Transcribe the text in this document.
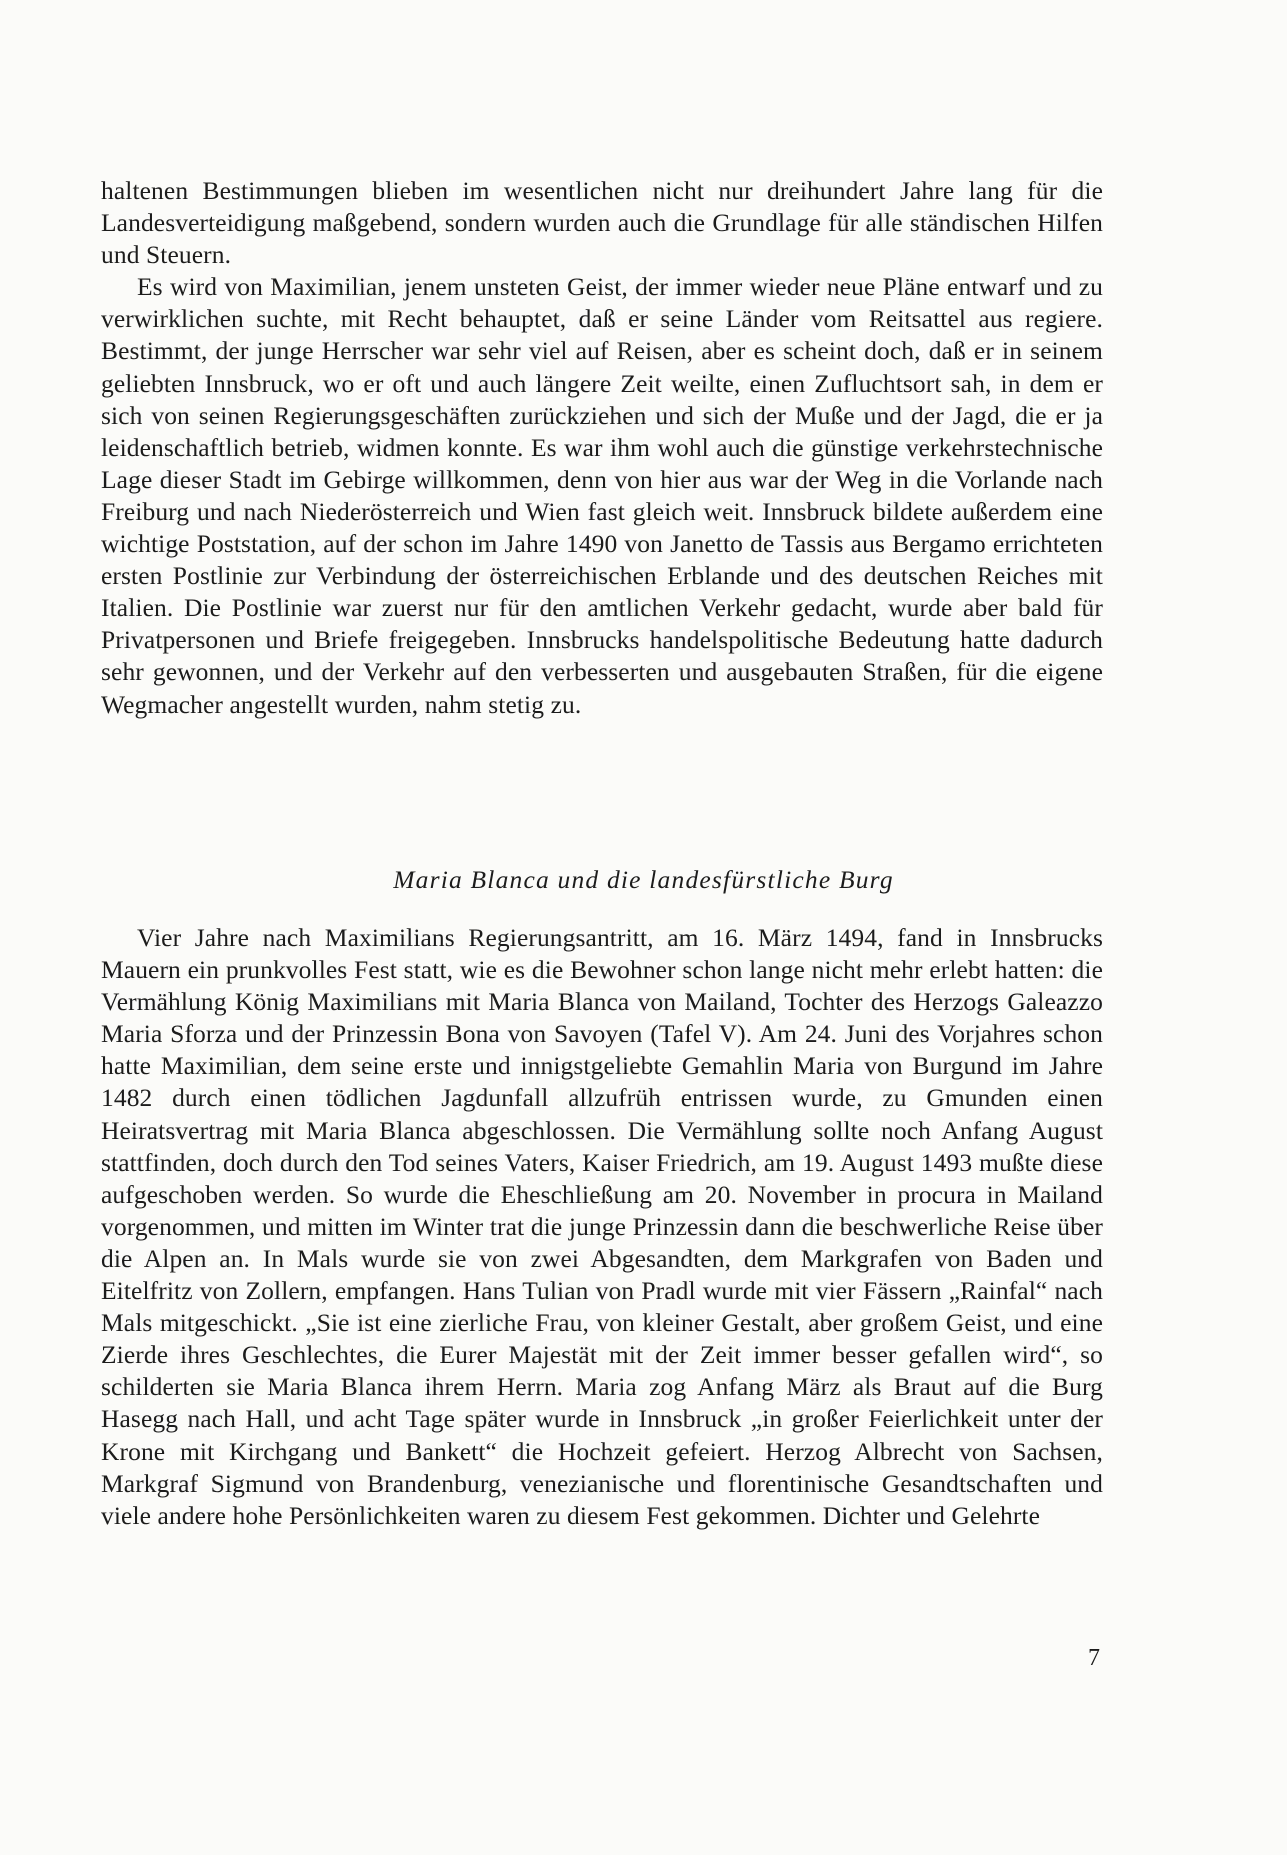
haltenen Bestimmungen blieben im wesentlichen nicht nur dreihundert Jahre lang für die Landesverteidigung maßgebend, sondern wurden auch die Grundlage für alle ständischen Hilfen und Steuern.

Es wird von Maximilian, jenem unsteten Geist, der immer wieder neue Pläne entwarf und zu verwirklichen suchte, mit Recht behauptet, daß er seine Länder vom Reitsattel aus regiere. Bestimmt, der junge Herrscher war sehr viel auf Reisen, aber es scheint doch, daß er in seinem geliebten Innsbruck, wo er oft und auch längere Zeit weilte, einen Zufluchtsort sah, in dem er sich von seinen Regierungsgeschäften zurückziehen und sich der Muße und der Jagd, die er ja leidenschaftlich betrieb, widmen konnte. Es war ihm wohl auch die günstige verkehrstechnische Lage dieser Stadt im Gebirge willkommen, denn von hier aus war der Weg in die Vorlande nach Freiburg und nach Niederösterreich und Wien fast gleich weit. Innsbruck bildete außerdem eine wichtige Poststation, auf der schon im Jahre 1490 von Janetto de Tassis aus Bergamo errichteten ersten Postlinie zur Verbindung der österreichischen Erblande und des deutschen Reiches mit Italien. Die Postlinie war zuerst nur für den amtlichen Verkehr gedacht, wurde aber bald für Privatpersonen und Briefe freigegeben. Innsbrucks handelspolitische Bedeutung hatte dadurch sehr gewonnen, und der Verkehr auf den verbesserten und ausgebauten Straßen, für die eigene Wegmacher angestellt wurden, nahm stetig zu.

Maria Blanca und die landesfürstliche Burg

Vier Jahre nach Maximilians Regierungsantritt, am 16. März 1494, fand in Innsbrucks Mauern ein prunkvolles Fest statt, wie es die Bewohner schon lange nicht mehr erlebt hatten: die Vermählung König Maximilians mit Maria Blanca von Mailand, Tochter des Herzogs Galeazzo Maria Sforza und der Prinzessin Bona von Savoyen (Tafel V). Am 24. Juni des Vorjahres schon hatte Maximilian, dem seine erste und innigstgeliebte Gemahlin Maria von Burgund im Jahre 1482 durch einen tödlichen Jagdunfall allzufrüh entrissen wurde, zu Gmunden einen Heiratsvertrag mit Maria Blanca abgeschlossen. Die Vermählung sollte noch Anfang August stattfinden, doch durch den Tod seines Vaters, Kaiser Friedrich, am 19. August 1493 mußte diese aufgeschoben werden. So wurde die Eheschließung am 20. November in procura in Mailand vorgenommen, und mitten im Winter trat die junge Prinzessin dann die beschwerliche Reise über die Alpen an. In Mals wurde sie von zwei Abgesandten, dem Markgrafen von Baden und Eitelfritz von Zollern, empfangen. Hans Tulian von Pradl wurde mit vier Fässern „Rainfal“ nach Mals mitgeschickt. „Sie ist eine zierliche Frau, von kleiner Gestalt, aber großem Geist, und eine Zierde ihres Geschlechtes, die Eurer Majestät mit der Zeit immer besser gefallen wird“, so schilderten sie Maria Blanca ihrem Herrn. Maria zog Anfang März als Braut auf die Burg Hasegg nach Hall, und acht Tage später wurde in Innsbruck „in großer Feierlichkeit unter der Krone mit Kirchgang und Bankett“ die Hochzeit gefeiert. Herzog Albrecht von Sachsen, Markgraf Sigmund von Brandenburg, venezianische und florentinische Gesandtschaften und viele andere hohe Persönlichkeiten waren zu diesem Fest gekommen. Dichter und Gelehrte

7
